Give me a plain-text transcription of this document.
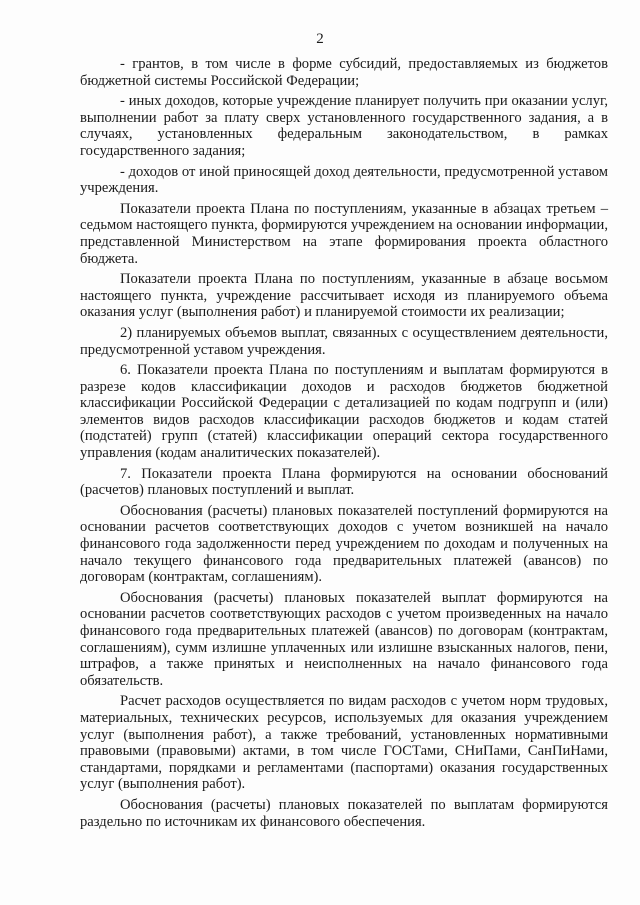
2

- грантов, в том числе в форме субсидий, предоставляемых из бюджетов бюджетной системы Российской Федерации;

- иных доходов, которые учреждение планирует получить при оказании услуг, выполнении работ за плату сверх установленного государственного задания, а в случаях, установленных федеральным законодательством, в рамках государственного задания;

- доходов от иной приносящей доход деятельности, предусмотренной уставом учреждения.

Показатели проекта Плана по поступлениям, указанные в абзацах третьем – седьмом настоящего пункта, формируются учреждением на основании информации, представленной Министерством на этапе формирования проекта областного бюджета.

Показатели проекта Плана по поступлениям, указанные в абзаце восьмом настоящего пункта, учреждение рассчитывает исходя из планируемого объема оказания услуг (выполнения работ) и планируемой стоимости их реализации;

2) планируемых объемов выплат, связанных с осуществлением деятельности, предусмотренной уставом учреждения.

6. Показатели проекта Плана по поступлениям и выплатам формируются в разрезе кодов классификации доходов и расходов бюджетов бюджетной классификации Российской Федерации с детализацией по кодам подгрупп и (или) элементов видов расходов классификации расходов бюджетов и кодам статей (подстатей) групп (статей) классификации операций сектора государственного управления (кодам аналитических показателей).

7. Показатели проекта Плана формируются на основании обоснований (расчетов) плановых поступлений и выплат.

Обоснования (расчеты) плановых показателей поступлений формируются на основании расчетов соответствующих доходов с учетом возникшей на начало финансового года задолженности перед учреждением по доходам и полученных на начало текущего финансового года предварительных платежей (авансов) по договорам (контрактам, соглашениям).

Обоснования (расчеты) плановых показателей выплат формируются на основании расчетов соответствующих расходов с учетом произведенных на начало финансового года предварительных платежей (авансов) по договорам (контрактам, соглашениям), сумм излишне уплаченных или излишне взысканных налогов, пени, штрафов, а также принятых и неисполненных на начало финансового года обязательств.

Расчет расходов осуществляется по видам расходов с учетом норм трудовых, материальных, технических ресурсов, используемых для оказания учреждением услуг (выполнения работ), а также требований, установленных нормативными правовыми (правовыми) актами, в том числе ГОСТами, СНиПами, СанПиНами, стандартами, порядками и регламентами (паспортами) оказания государственных услуг (выполнения работ).

Обоснования (расчеты) плановых показателей по выплатам формируются раздельно по источникам их финансового обеспечения.
